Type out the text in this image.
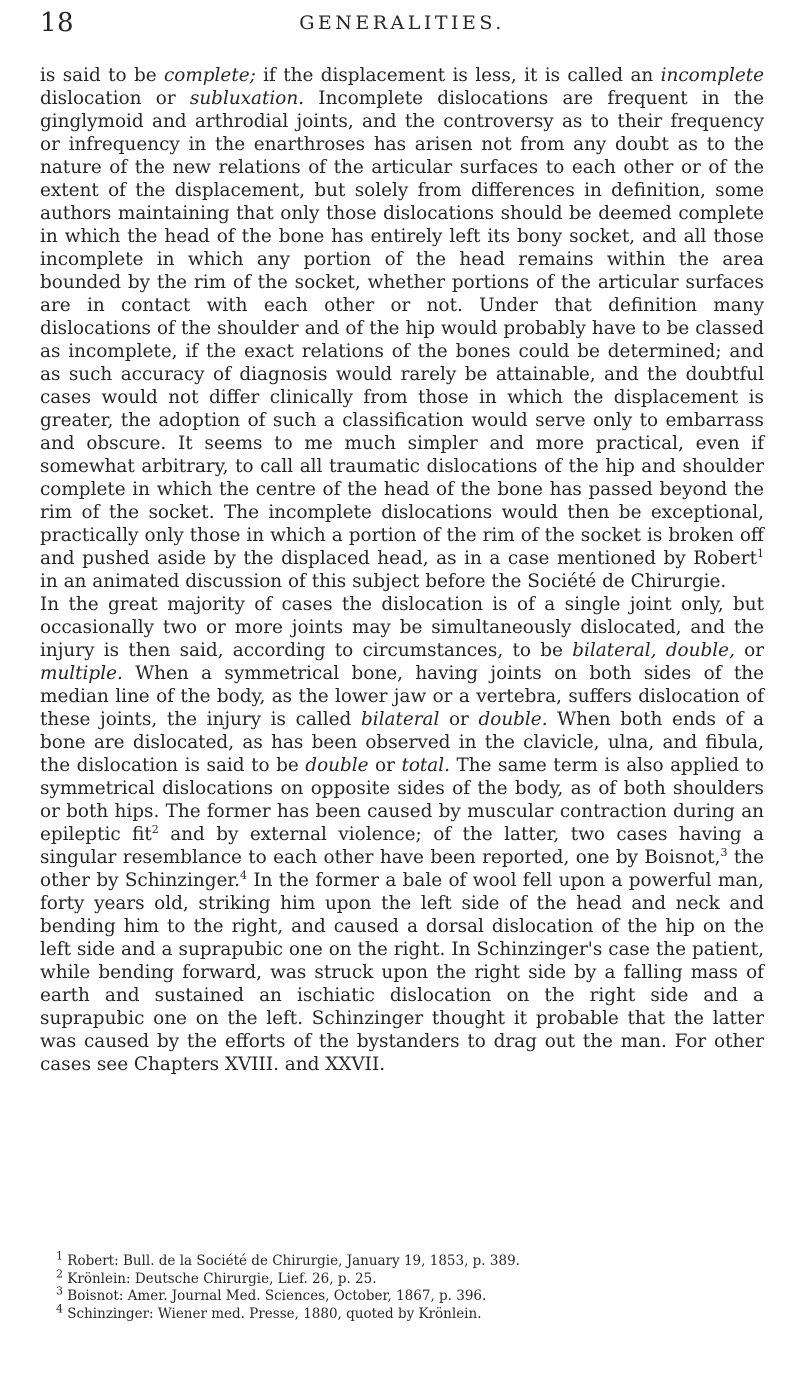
18	GENERALITIES.

is said to be complete; if the displacement is less, it is called an incomplete dislocation or subluxation. Incomplete dislocations are frequent in the ginglymoid and arthrodial joints, and the controversy as to their frequency or infrequency in the enarthroses has arisen not from any doubt as to the nature of the new relations of the articular surfaces to each other or of the extent of the displacement, but solely from differences in definition, some authors maintaining that only those dislocations should be deemed complete in which the head of the bone has entirely left its bony socket, and all those incomplete in which any portion of the head remains within the area bounded by the rim of the socket, whether portions of the articular surfaces are in contact with each other or not. Under that definition many dislocations of the shoulder and of the hip would probably have to be classed as incomplete, if the exact relations of the bones could be determined; and as such accuracy of diagnosis would rarely be attainable, and the doubtful cases would not differ clinically from those in which the displacement is greater, the adoption of such a classification would serve only to embarrass and obscure. It seems to me much simpler and more practical, even if somewhat arbitrary, to call all traumatic dislocations of the hip and shoulder complete in which the centre of the head of the bone has passed beyond the rim of the socket. The incomplete dislocations would then be exceptional, practically only those in which a portion of the rim of the socket is broken off and pushed aside by the displaced head, as in a case mentioned by Robert$^1$ in an animated discussion of this subject before the Société de Chirurgie.

In the great majority of cases the dislocation is of a single joint only, but occasionally two or more joints may be simultaneously dislocated, and the injury is then said, according to circumstances, to be bilateral, double, or multiple. When a symmetrical bone, having joints on both sides of the median line of the body, as the lower jaw or a vertebra, suffers dislocation of these joints, the injury is called bilateral or double. When both ends of a bone are dislocated, as has been observed in the clavicle, ulna, and fibula, the dislocation is said to be double or total. The same term is also applied to symmetrical dislocations on opposite sides of the body, as of both shoulders or both hips. The former has been caused by muscular contraction during an epileptic fit$^2$ and by external violence; of the latter, two cases having a singular resemblance to each other have been reported, one by Boisnot,$^3$ the other by Schinzinger.$^4$ In the former a bale of wool fell upon a powerful man, forty years old, striking him upon the left side of the head and neck and bending him to the right, and caused a dorsal dislocation of the hip on the left side and a suprapubic one on the right. In Schinzinger's case the patient, while bending forward, was struck upon the right side by a falling mass of earth and sustained an ischiatic dislocation on the right side and a suprapubic one on the left. Schinzinger thought it probable that the latter was caused by the efforts of the bystanders to drag out the man. For other cases see Chapters XVIII. and XXVII.

$^1$ Robert: Bull. de la Société de Chirurgie, January 19, 1853, p. 389.

$^2$ Krönlein: Deutsche Chirurgie, Lief. 26, p. 25.

$^3$ Boisnot: Amer. Journal Med. Sciences, October, 1867, p. 396.

$^4$ Schinzinger: Wiener med. Presse, 1880, quoted by Krönlein.
